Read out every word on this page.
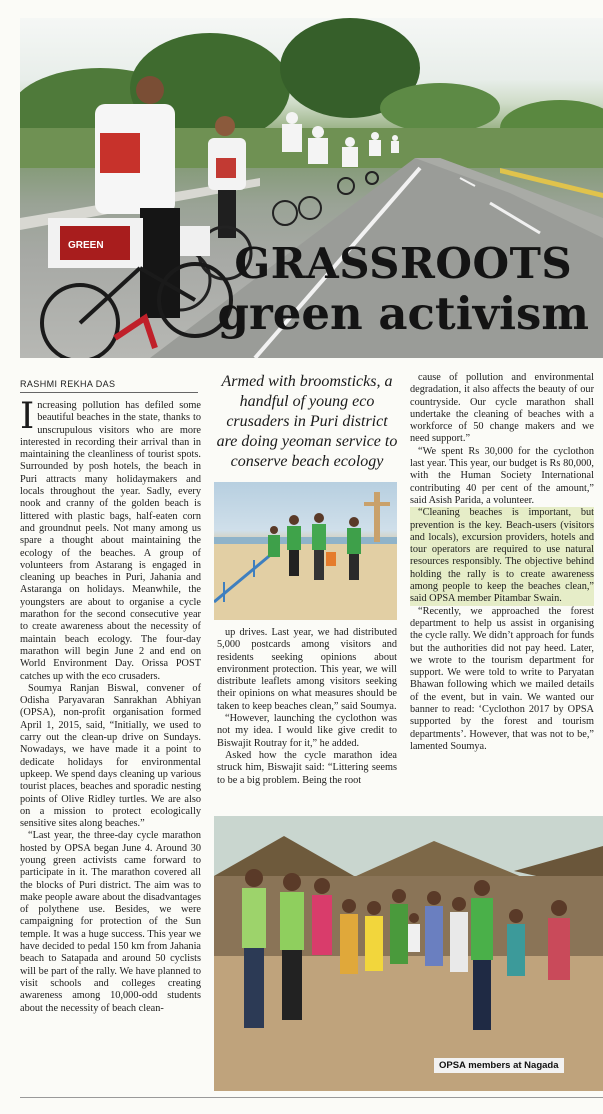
GREEN	GRASSROOTS
green activism
RASHMI REKHA DAS

Increasing pollution has defiled some beautiful beaches in the state, thanks to unscrupulous visitors who are more interested in recording their arrival than in maintaining the cleanliness of tourist spots. Surrounded by posh hotels, the beach in Puri attracts many holidaymakers and locals throughout the year. Sadly, every nook and cranny of the golden beach is littered with plastic bags, half-eaten corn and groundnut peels. Not many among us spare a thought about maintaining the ecology of the beaches. A group of volunteers from Astarang is engaged in cleaning up beaches in Puri, Jahania and Astaranga on holidays. Meanwhile, the youngsters are about to organise a cycle marathon for the second consecutive year to create awareness about the necessity of maintain beach ecology. The four-day marathon will begin June 2 and end on World Environment Day. Orissa POST catches up with the eco crusaders.

Soumya Ranjan Biswal, convener of Odisha Paryavaran Sanrakhan Abhiyan (OPSA), non-profit organisation formed April 1, 2015, said, “Initially, we used to carry out the clean-up drive on Sundays. Nowadays, we have made it a point to dedicate holidays for environmental upkeep. We spend days cleaning up various tourist places, beaches and sporadic nesting points of Olive Ridley turtles. We are also on a mission to protect ecologically sensitive sites along beaches.”

“Last year, the three-day cycle marathon hosted by OPSA began June 4. Around 30 young green activists came forward to participate in it. The marathon covered all the blocks of Puri district. The aim was to make people aware about the disadvantages of polythene use. Besides, we were campaigning for protection of the Sun temple. It was a huge success. This year we have decided to pedal 150 km from Jahania beach to Satapada and around 50 cyclists will be part of the rally. We have planned to visit schools and colleges creating awareness among 10,000-odd students about the necessity of beach clean-

Armed with broomsticks, a handful of young eco crusaders in Puri district are doing yeoman service to conserve beach ecology

up drives. Last year, we had distributed 5,000 postcards among visitors and residents seeking opinions about environment protection. This year, we will distribute leaflets among visitors seeking their opinions on what measures should be taken to keep beaches clean,” said Soumya.

“However, launching the cyclothon was not my idea. I would like give credit to Biswajit Routray for it,” he added.

Asked how the cycle marathon idea struck him, Biswajit said: “Littering seems to be a big problem. Being the root

cause of pollution and environmental degradation, it also affects the beauty of our countryside. Our cycle marathon shall undertake the cleaning of beaches with a workforce of 50 change makers and we need support.”

“We spent Rs 30,000 for the cyclothon last year. This year, our budget is Rs 80,000, with the Human Society International contributing 40 per cent of the amount,” said Asish Parida, a volunteer.

“Cleaning beaches is important, but prevention is the key. Beach-users (visitors and locals), excursion providers, hotels and tour operators are required to use natural resources responsibly. The objective behind holding the rally is to create awareness among people to keep the beaches clean,” said OPSA member Pitambar Swain.

“Recently, we approached the forest department to help us assist in organising the cycle rally. We didn’t approach for funds but the authorities did not pay heed. Later, we wrote to the tourism department for support. We were told to write to Paryatan Bhawan following which we mailed details of the event, but in vain. We wanted our banner to read: ‘Cyclothon 2017 by OPSA supported by the forest and tourism departments’. However, that was not to be,” lamented Soumya.

OPSA members at Nagada
